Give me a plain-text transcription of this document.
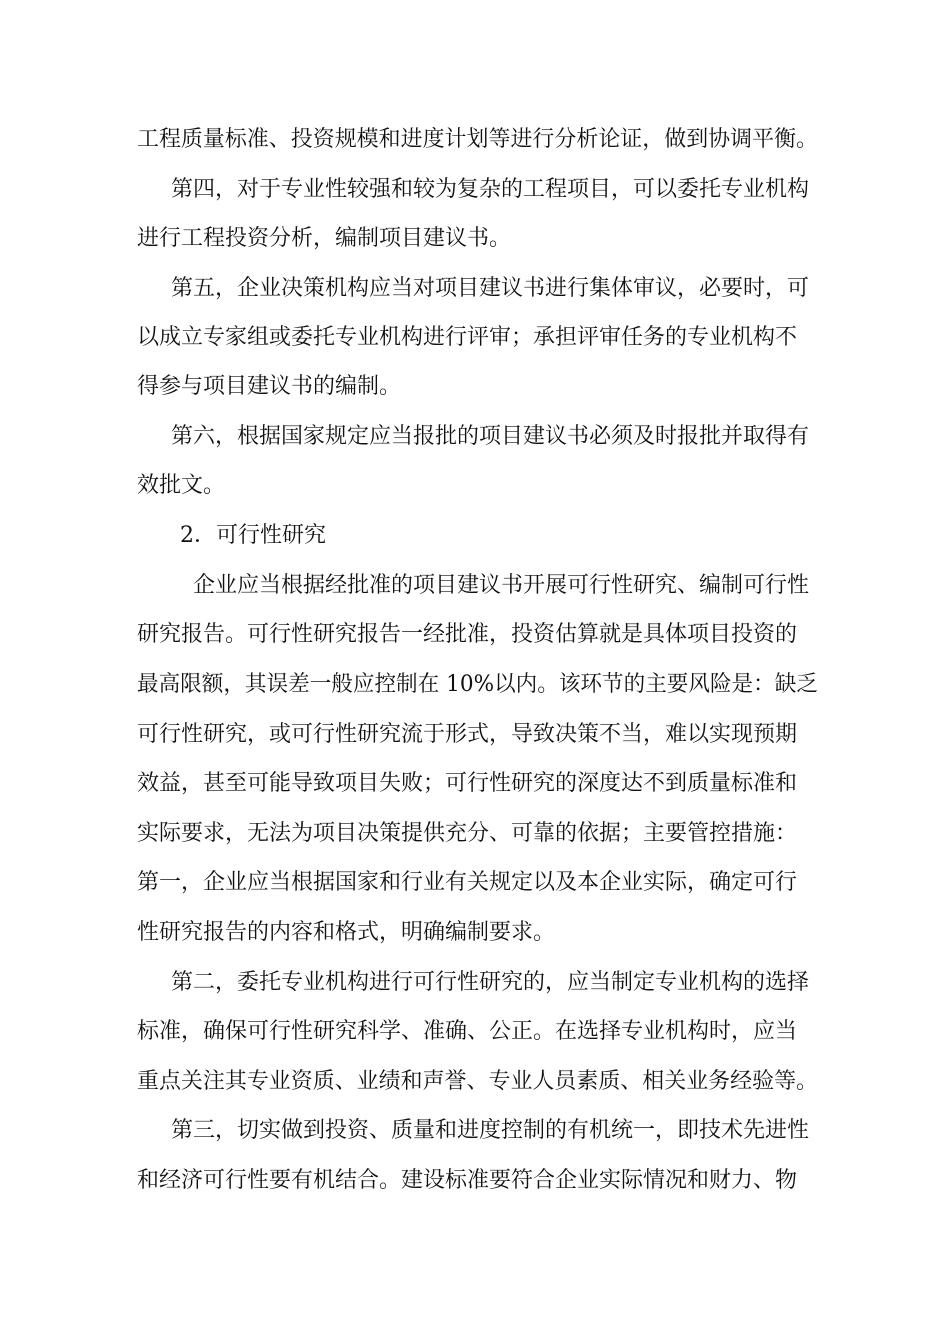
工程质量标准、投资规模和进度计划等进行分析论证，做到协调平衡。
第四，对于专业性较强和较为复杂的工程项目，可以委托专业机构
进行工程投资分析，编制项目建议书。
第五，企业决策机构应当对项目建议书进行集体审议，必要时，可
以成立专家组或委托专业机构进行评审；承担评审任务的专业机构不
得参与项目建议书的编制。
第六，根据国家规定应当报批的项目建议书必须及时报批并取得有
效批文。
2．可行性研究
企业应当根据经批准的项目建议书开展可行性研究、编制可行性
研究报告。可行性研究报告一经批准，投资估算就是具体项目投资的
最高限额，其误差一般应控制在 10%以内。该环节的主要风险是：缺乏
可行性研究，或可行性研究流于形式，导致决策不当，难以实现预期
效益，甚至可能导致项目失败；可行性研究的深度达不到质量标准和
实际要求，无法为项目决策提供充分、可靠的依据；主要管控措施：
第一，企业应当根据国家和行业有关规定以及本企业实际，确定可行
性研究报告的内容和格式，明确编制要求。
第二，委托专业机构进行可行性研究的，应当制定专业机构的选择
标准，确保可行性研究科学、准确、公正。在选择专业机构时，应当
重点关注其专业资质、业绩和声誉、专业人员素质、相关业务经验等。
第三，切实做到投资、质量和进度控制的有机统一，即技术先进性
和经济可行性要有机结合。建设标准要符合企业实际情况和财力、物
